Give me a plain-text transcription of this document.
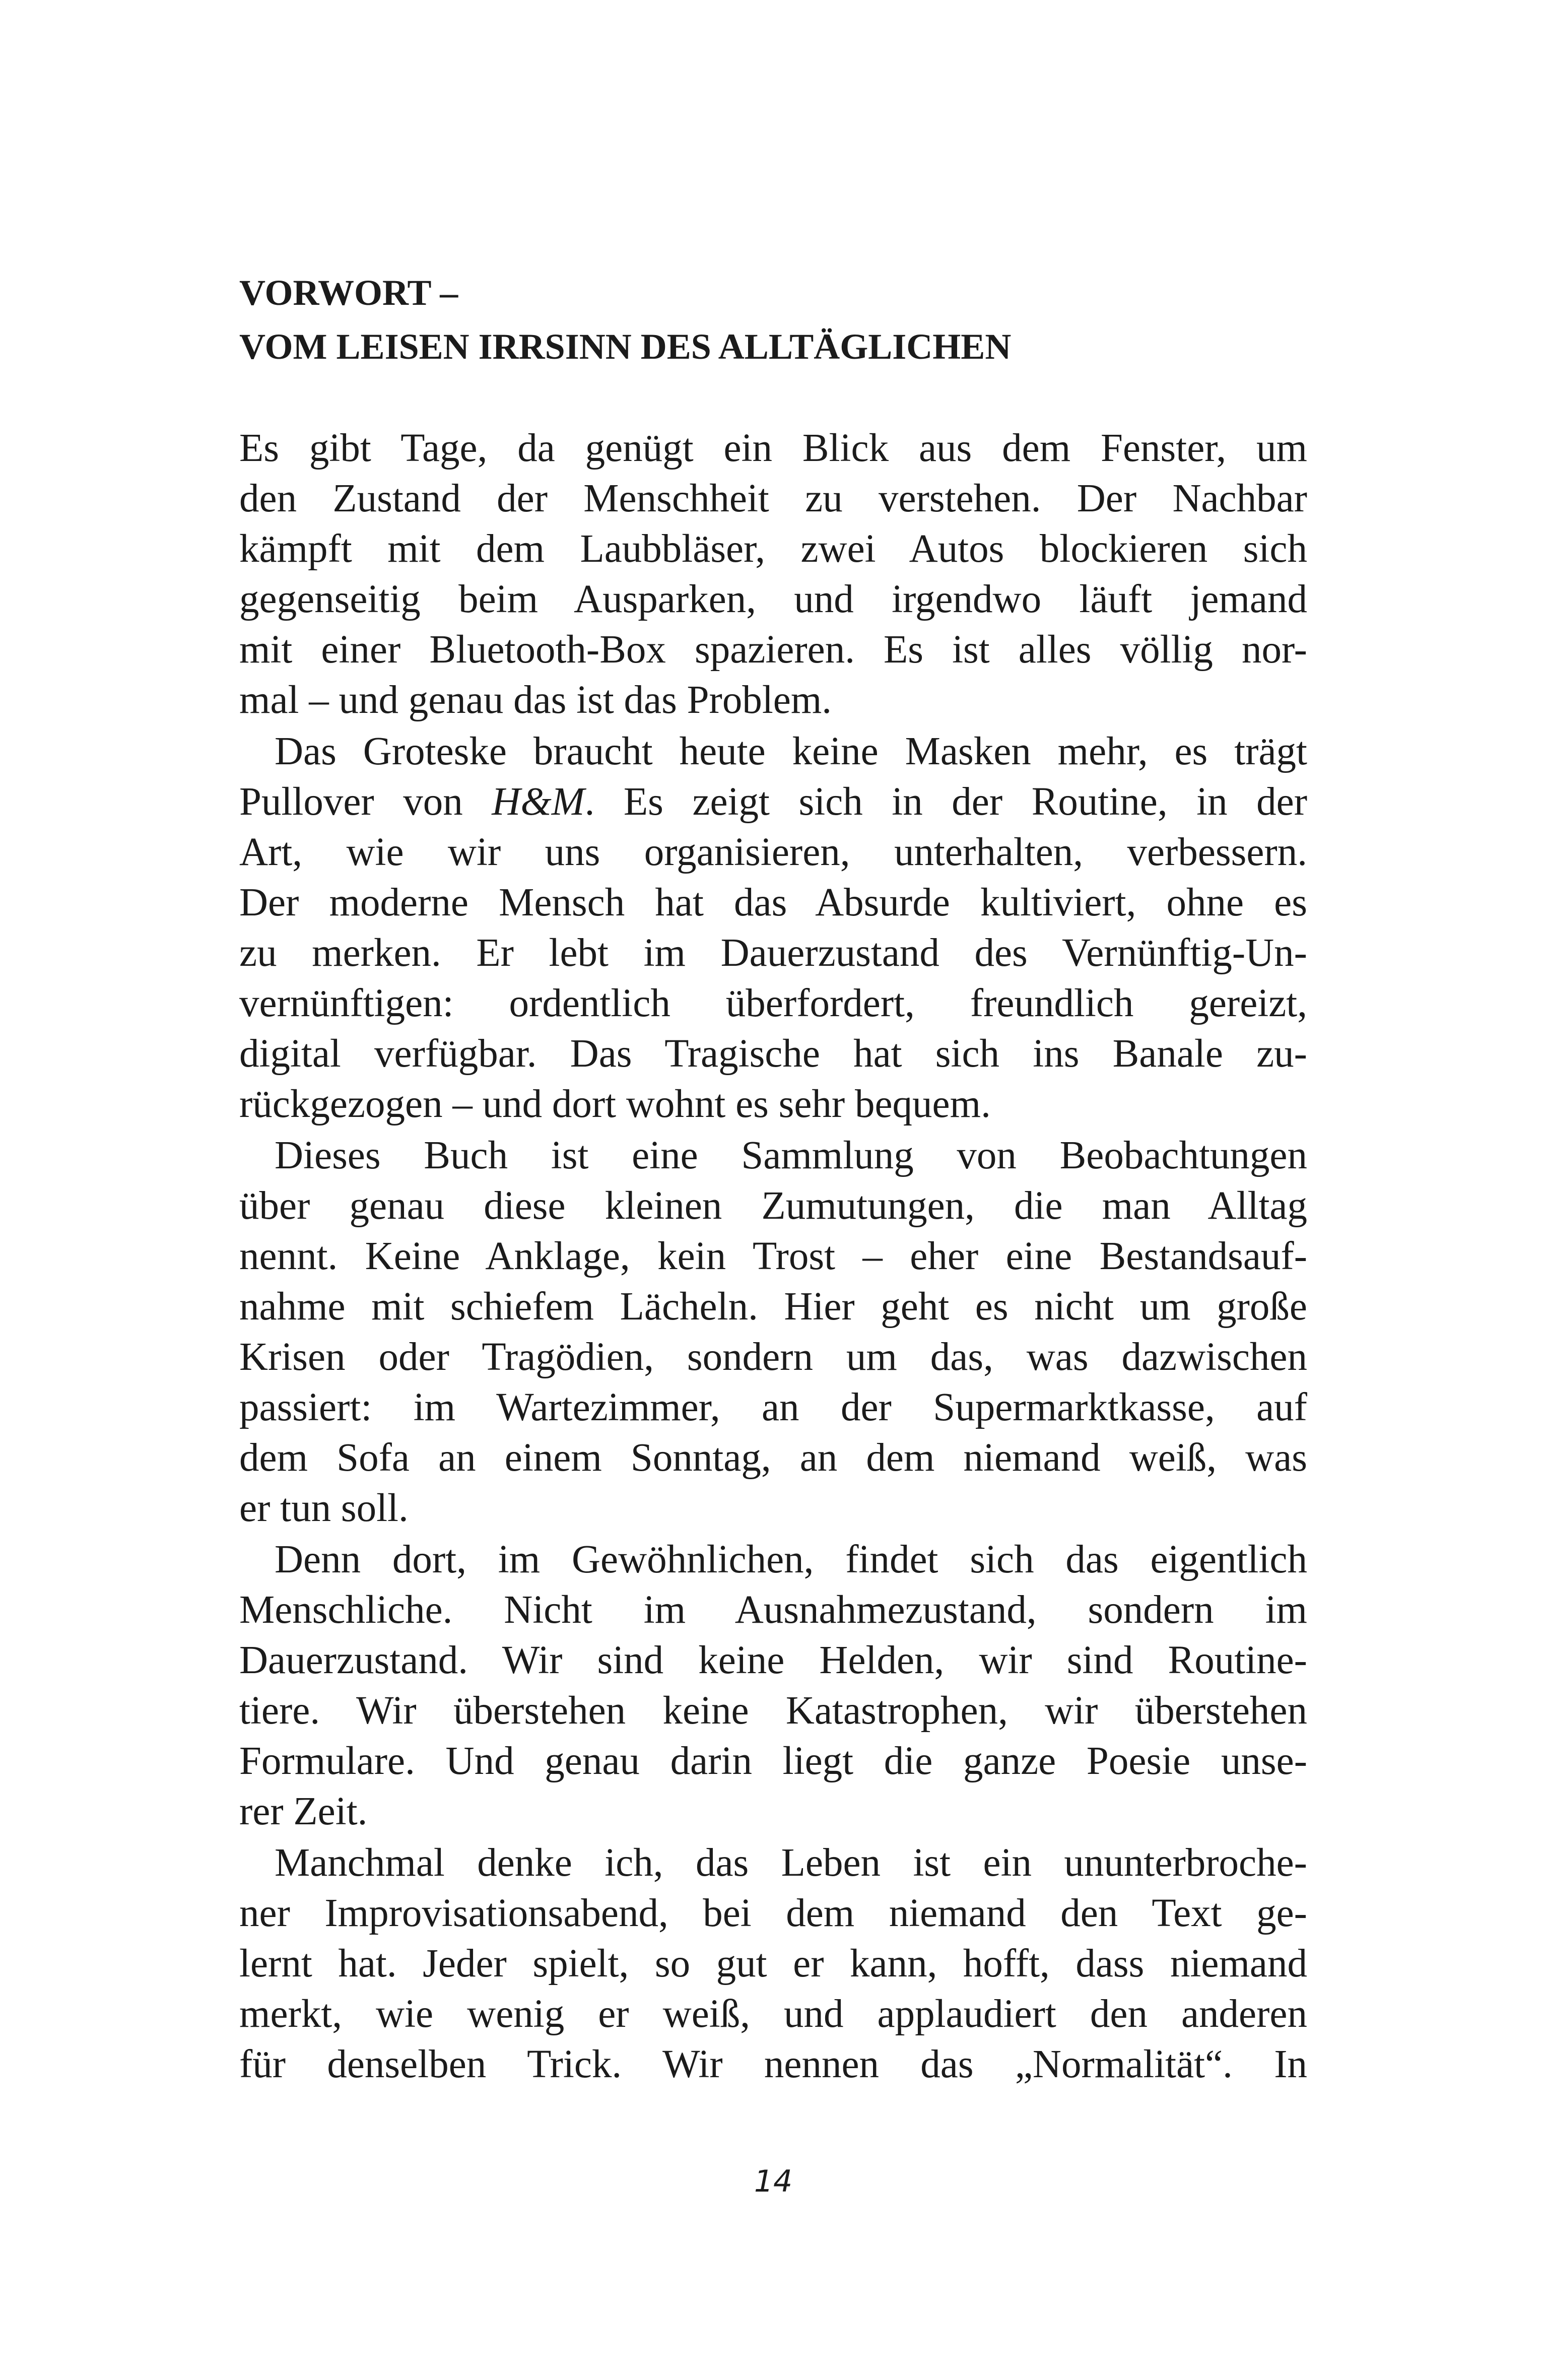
VORWORT –
VOM LEISEN IRRSINN DES ALLTÄGLICHEN
Es gibt Tage, da genügt ein Blick aus dem Fenster, um
den Zustand der Menschheit zu verstehen. Der Nachbar
kämpft mit dem Laubbläser, zwei Autos blockieren sich
gegenseitig beim Ausparken, und irgendwo läuft jemand
mit einer Bluetooth-Box spazieren. Es ist alles völlig nor-
mal – und genau das ist das Problem.
Das Groteske braucht heute keine Masken mehr, es trägt
Pullover von H&M. Es zeigt sich in der Routine, in der
Art, wie wir uns organisieren, unterhalten, verbessern.
Der moderne Mensch hat das Absurde kultiviert, ohne es
zu merken. Er lebt im Dauerzustand des Vernünftig-Un-
vernünftigen: ordentlich überfordert, freundlich gereizt,
digital verfügbar. Das Tragische hat sich ins Banale zu-
rückgezogen – und dort wohnt es sehr bequem.
Dieses Buch ist eine Sammlung von Beobachtungen
über genau diese kleinen Zumutungen, die man Alltag
nennt. Keine Anklage, kein Trost – eher eine Bestandsauf-
nahme mit schiefem Lächeln. Hier geht es nicht um große
Krisen oder Tragödien, sondern um das, was dazwischen
passiert: im Wartezimmer, an der Supermarktkasse, auf
dem Sofa an einem Sonntag, an dem niemand weiß, was
er tun soll.
Denn dort, im Gewöhnlichen, findet sich das eigentlich
Menschliche. Nicht im Ausnahmezustand, sondern im
Dauerzustand. Wir sind keine Helden, wir sind Routine-
tiere. Wir überstehen keine Katastrophen, wir überstehen
Formulare. Und genau darin liegt die ganze Poesie unse-
rer Zeit.
Manchmal denke ich, das Leben ist ein ununterbroche-
ner Improvisationsabend, bei dem niemand den Text ge-
lernt hat. Jeder spielt, so gut er kann, hofft, dass niemand
merkt, wie wenig er weiß, und applaudiert den anderen
für denselben Trick. Wir nennen das „Normalität“. In
14
